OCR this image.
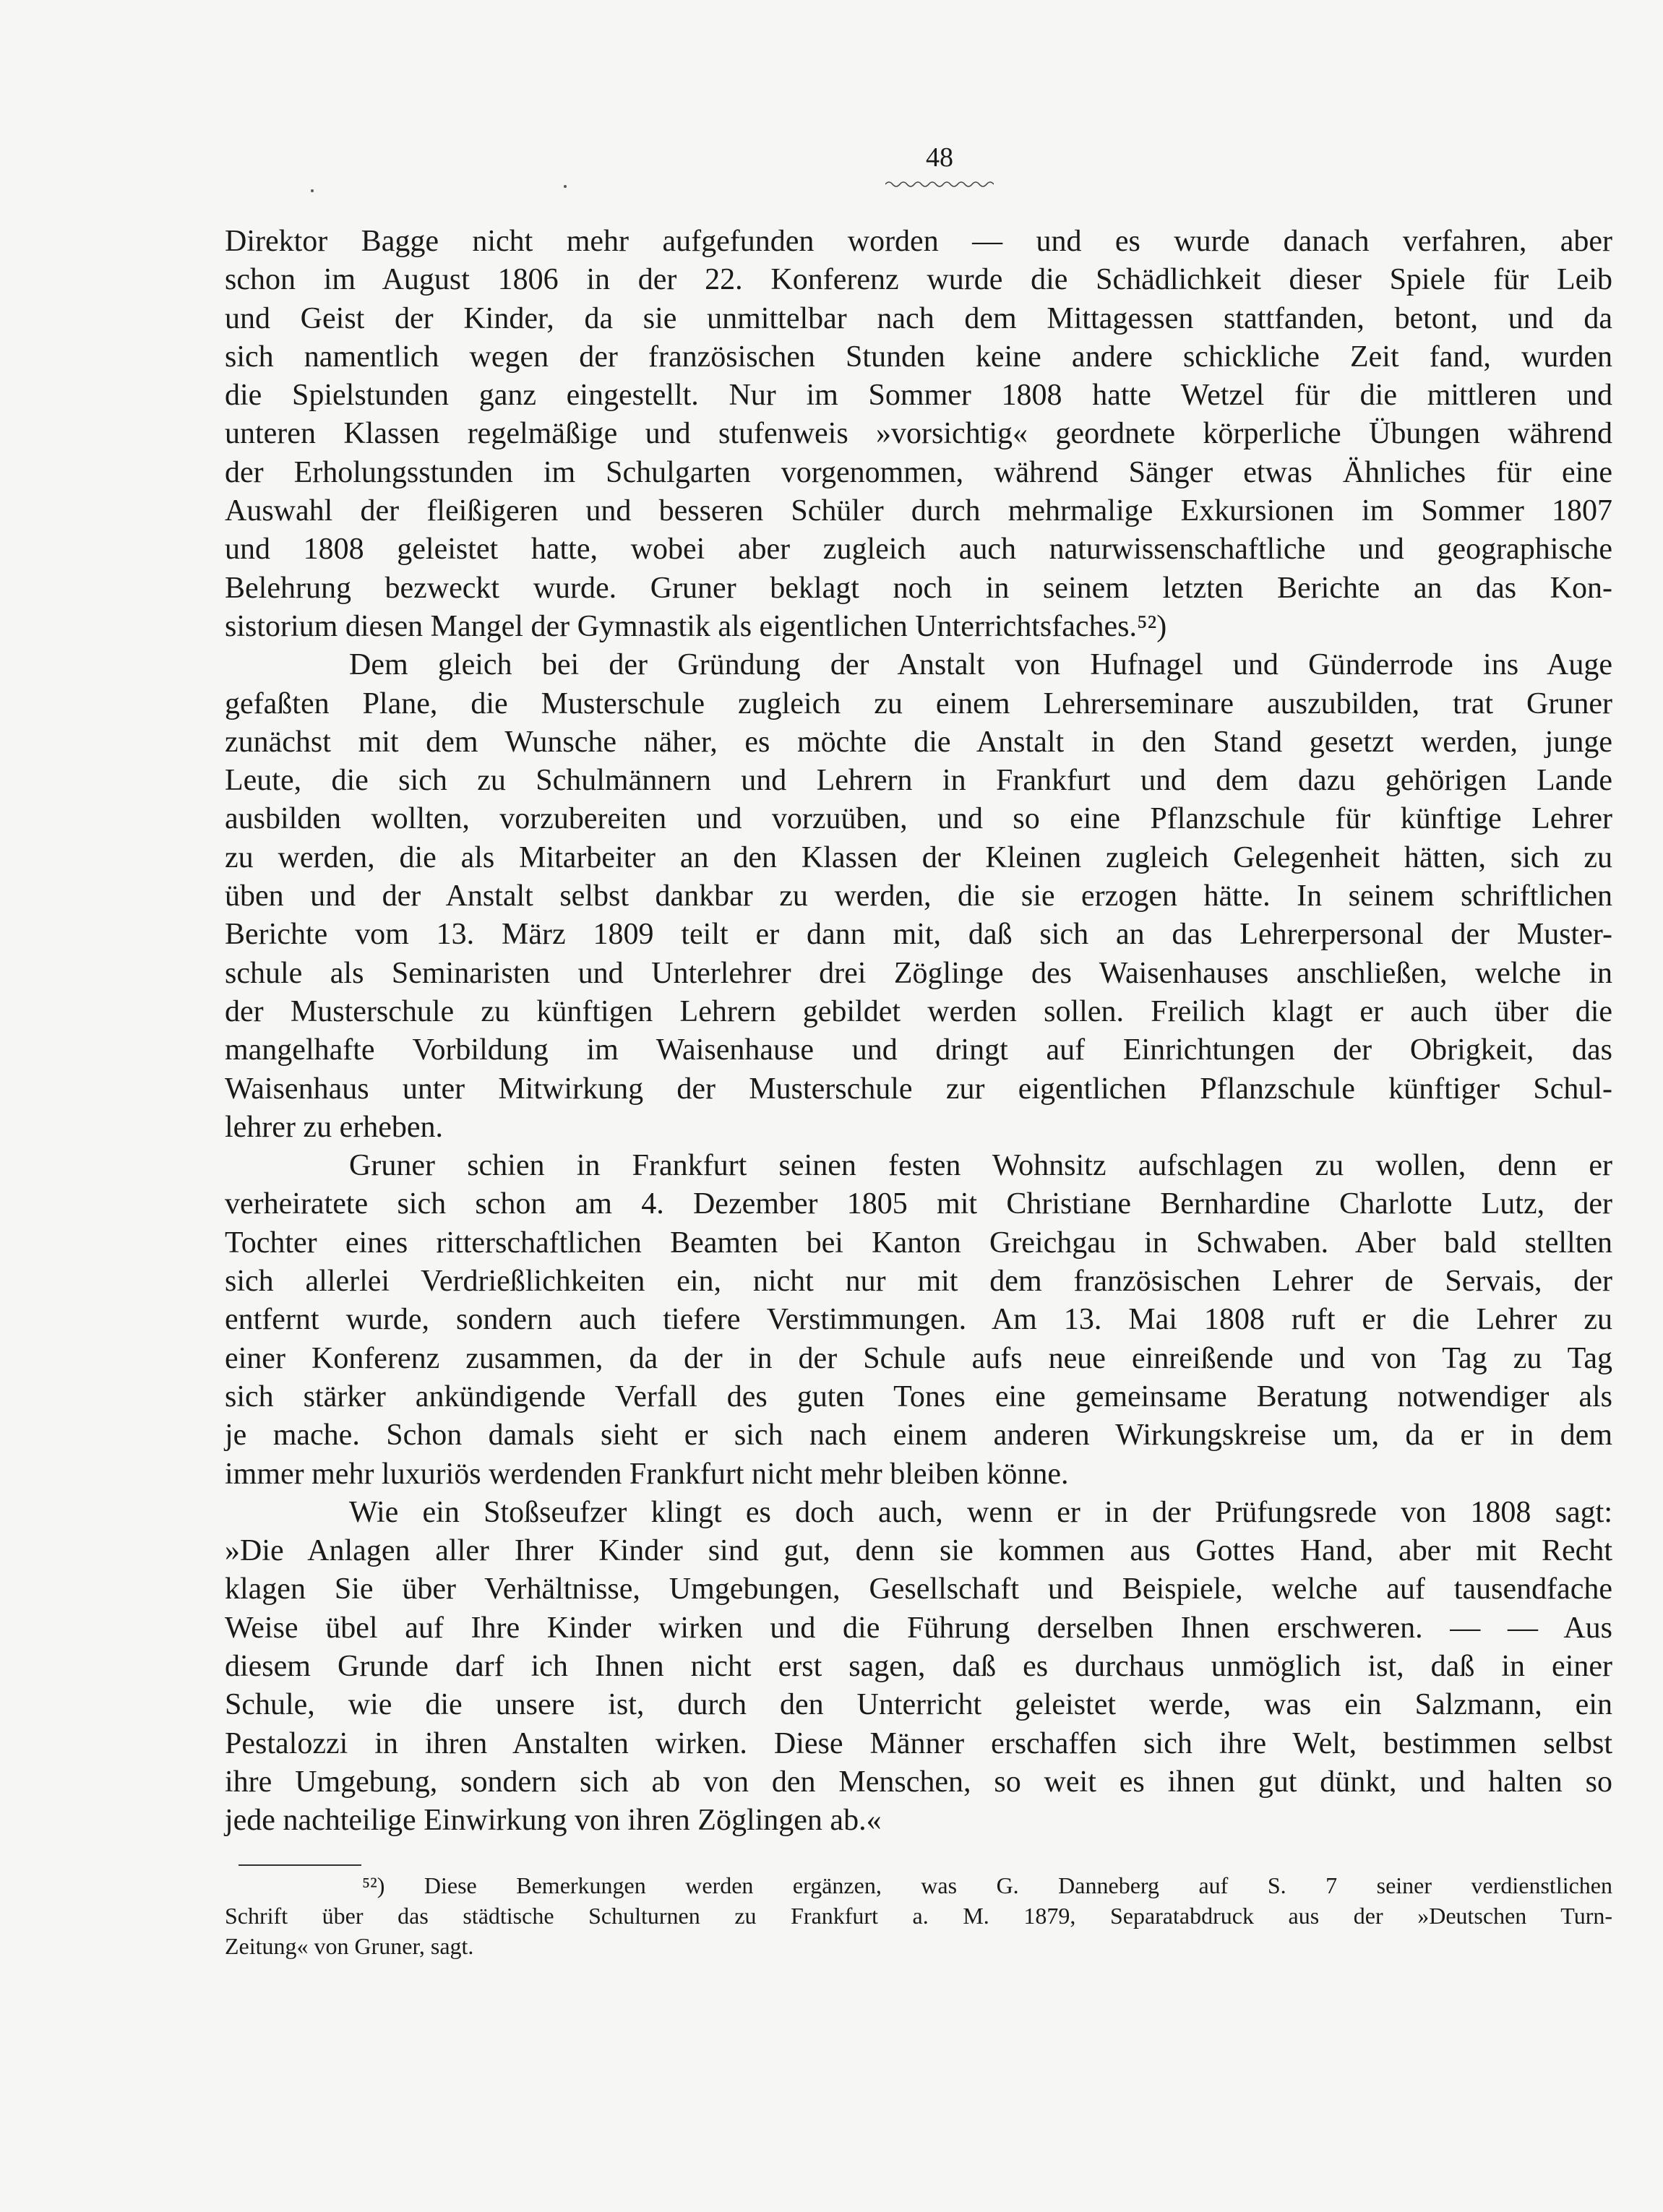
48
Direktor Bagge nicht mehr aufgefunden worden — und es wurde danach verfahren, aber
schon im August 1806 in der 22. Konferenz wurde die Schädlichkeit dieser Spiele für Leib
und Geist der Kinder, da sie unmittelbar nach dem Mittagessen stattfanden, betont, und da
sich namentlich wegen der französischen Stunden keine andere schickliche Zeit fand, wurden
die Spielstunden ganz eingestellt. Nur im Sommer 1808 hatte Wetzel für die mittleren und
unteren Klassen regelmäßige und stufenweis »vorsichtig« geordnete körperliche Übungen während
der Erholungsstunden im Schulgarten vorgenommen, während Sänger etwas Ähnliches für eine
Auswahl der fleißigeren und besseren Schüler durch mehrmalige Exkursionen im Sommer 1807
und 1808 geleistet hatte, wobei aber zugleich auch naturwissenschaftliche und geographische
Belehrung bezweckt wurde. Gruner beklagt noch in seinem letzten Berichte an das Kon-
sistorium diesen Mangel der Gymnastik als eigentlichen Unterrichtsfaches.⁵²)
Dem gleich bei der Gründung der Anstalt von Hufnagel und Günderrode ins Auge
gefaßten Plane, die Musterschule zugleich zu einem Lehrerseminare auszubilden, trat Gruner
zunächst mit dem Wunsche näher, es möchte die Anstalt in den Stand gesetzt werden, junge
Leute, die sich zu Schulmännern und Lehrern in Frankfurt und dem dazu gehörigen Lande
ausbilden wollten, vorzubereiten und vorzuüben, und so eine Pflanzschule für künftige Lehrer
zu werden, die als Mitarbeiter an den Klassen der Kleinen zugleich Gelegenheit hätten, sich zu
üben und der Anstalt selbst dankbar zu werden, die sie erzogen hätte. In seinem schriftlichen
Berichte vom 13. März 1809 teilt er dann mit, daß sich an das Lehrerpersonal der Muster-
schule als Seminaristen und Unterlehrer drei Zöglinge des Waisenhauses anschließen, welche in
der Musterschule zu künftigen Lehrern gebildet werden sollen. Freilich klagt er auch über die
mangelhafte Vorbildung im Waisenhause und dringt auf Einrichtungen der Obrigkeit, das
Waisenhaus unter Mitwirkung der Musterschule zur eigentlichen Pflanzschule künftiger Schul-
lehrer zu erheben.
Gruner schien in Frankfurt seinen festen Wohnsitz aufschlagen zu wollen, denn er
verheiratete sich schon am 4. Dezember 1805 mit Christiane Bernhardine Charlotte Lutz, der
Tochter eines ritterschaftlichen Beamten bei Kanton Greichgau in Schwaben. Aber bald stellten
sich allerlei Verdrießlichkeiten ein, nicht nur mit dem französischen Lehrer de Servais, der
entfernt wurde, sondern auch tiefere Verstimmungen. Am 13. Mai 1808 ruft er die Lehrer zu
einer Konferenz zusammen, da der in der Schule aufs neue einreißende und von Tag zu Tag
sich stärker ankündigende Verfall des guten Tones eine gemeinsame Beratung notwendiger als
je mache. Schon damals sieht er sich nach einem anderen Wirkungskreise um, da er in dem
immer mehr luxuriös werdenden Frankfurt nicht mehr bleiben könne.
Wie ein Stoßseufzer klingt es doch auch, wenn er in der Prüfungsrede von 1808 sagt:
»Die Anlagen aller Ihrer Kinder sind gut, denn sie kommen aus Gottes Hand, aber mit Recht
klagen Sie über Verhältnisse, Umgebungen, Gesellschaft und Beispiele, welche auf tausendfache
Weise übel auf Ihre Kinder wirken und die Führung derselben Ihnen erschweren. — — Aus
diesem Grunde darf ich Ihnen nicht erst sagen, daß es durchaus unmöglich ist, daß in einer
Schule, wie die unsere ist, durch den Unterricht geleistet werde, was ein Salzmann, ein
Pestalozzi in ihren Anstalten wirken. Diese Männer erschaffen sich ihre Welt, bestimmen selbst
ihre Umgebung, sondern sich ab von den Menschen, so weit es ihnen gut dünkt, und halten so
jede nachteilige Einwirkung von ihren Zöglingen ab.«
⁵²) Diese Bemerkungen werden ergänzen, was G. Danneberg auf S. 7 seiner verdienstlichen
Schrift über das städtische Schulturnen zu Frankfurt a. M. 1879, Separatabdruck aus der »Deutschen Turn-
Zeitung« von Gruner, sagt.
